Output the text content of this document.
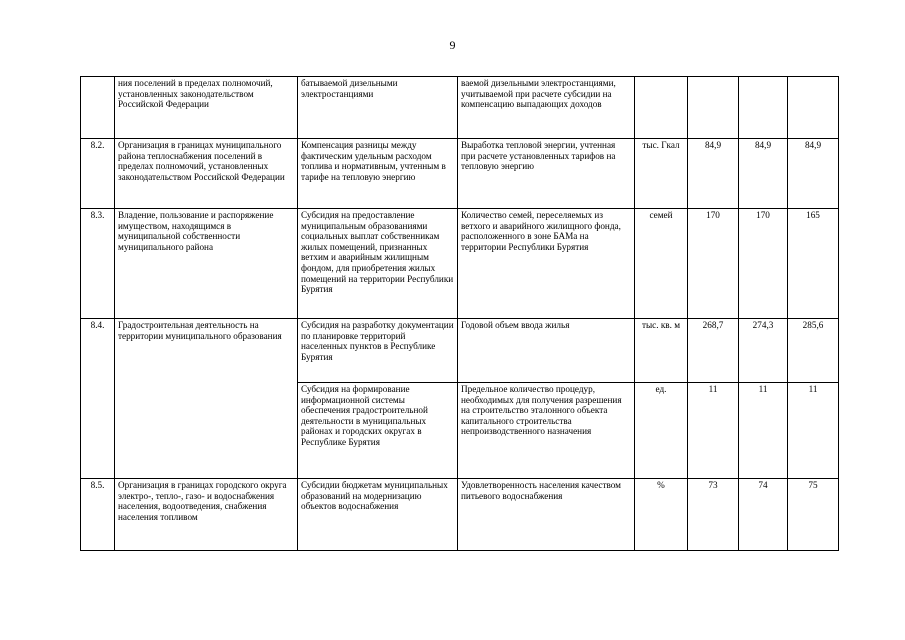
9
	ния поселений в пределах полномочий, установленных законодательством Российской Федерации	батываемой дизельными электростанциями	ваемой дизельными электростанциями, учитываемой при расчете субсидии на компенсацию выпадающих доходов				
8.2.	Организация в границах муниципального района теплоснабжения поселений в пределах полномочий, установленных законодательством Российской Федерации	Компенсация разницы между фактическим удельным расходом топлива и нормативным, учтенным в тарифе на тепловую энергию	Выработка тепловой энергии, учтенная при расчете установленных тарифов на тепловую энергию	тыс. Гкал	84,9	84,9	84,9
8.3.	Владение, пользование и распоряжение имуществом, находящимся в муниципальной собственности муниципального района	Субсидия на предоставление муниципальным образованиями социальных выплат собственникам жилых помещений, признанных ветхим и аварийным жилищным фондом, для приобретения жилых помещений на территории Республики Бурятия	Количество семей, переселяемых из ветхого и аварийного жилищного фонда, расположенного в зоне БАМа на территории Республики Бурятия	семей	170	170	165
8.4.	Градостроительная деятельность на территории муниципального образования	Субсидия на разработку документации по планировке территорий населенных пунктов в Республике Бурятия	Годовой объем ввода жилья	тыс. кв. м	268,7	274,3	285,6
		Субсидия на формирование информационной системы обеспечения градостроительной деятельности в муниципальных районах и городских округах в Республике Бурятия	Предельное количество процедур, необходимых для получения разрешения на строительство эталонного объекта капитального строительства непроизводственного назначения	ед.	11	11	11
8.5.	Организация в границах городского округа электро-, тепло-, газо- и водоснабжения населения, водоотведения, снабжения населения топливом	Субсидии бюджетам муниципальных образований на модернизацию объектов водоснабжения	Удовлетворенность населения качеством питьевого водоснабжения	%	73	74	75
